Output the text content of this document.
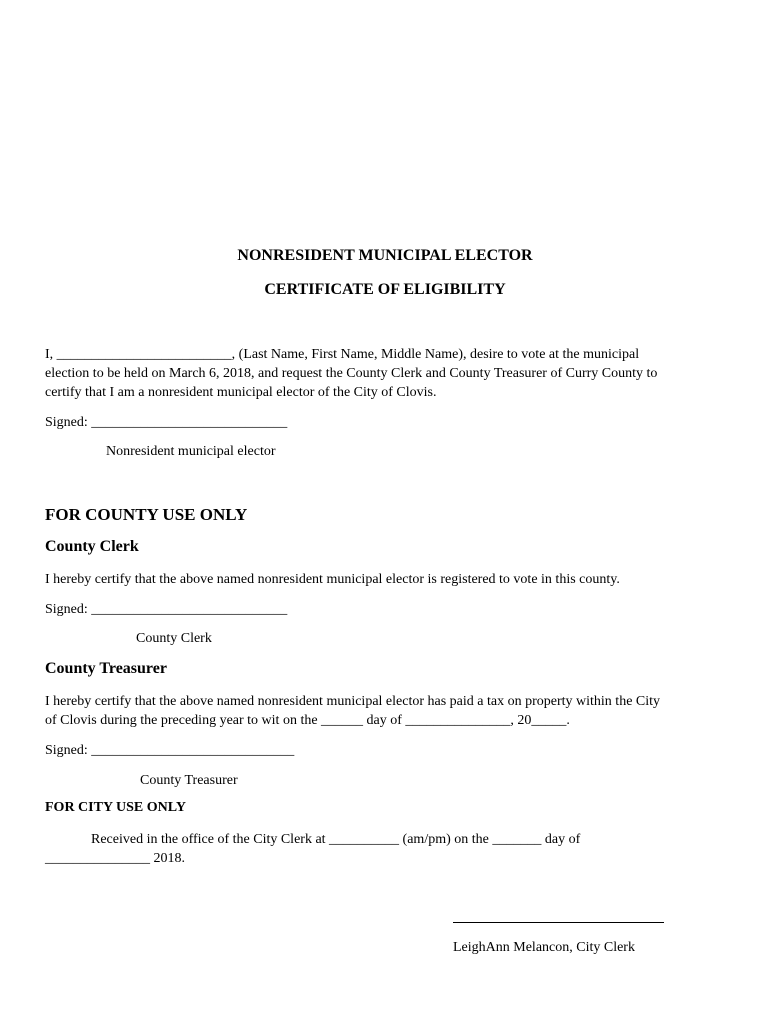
NONRESIDENT MUNICIPAL ELECTOR
CERTIFICATE OF ELIGIBILITY
I, _________________________, (Last Name, First Name, Middle Name), desire to vote at the municipal
election to be held on March 6, 2018, and request the County Clerk and County Treasurer of Curry County to
certify that I am a nonresident municipal elector of the City of Clovis.
Signed: ____________________________
Nonresident municipal elector
FOR COUNTY USE ONLY
County Clerk
I hereby certify that the above named nonresident municipal elector is registered to vote in this county.
Signed: ____________________________
County Clerk
County Treasurer
I hereby certify that the above named nonresident municipal elector has paid a tax on property within the City
of Clovis during the preceding year to wit on the ______ day of _______________, 20_____.
Signed: _____________________________
County Treasurer
FOR CITY USE ONLY
Received in the office of the City Clerk at __________ (am/pm) on the _______ day of
_______________ 2018.
LeighAnn Melancon, City Clerk
